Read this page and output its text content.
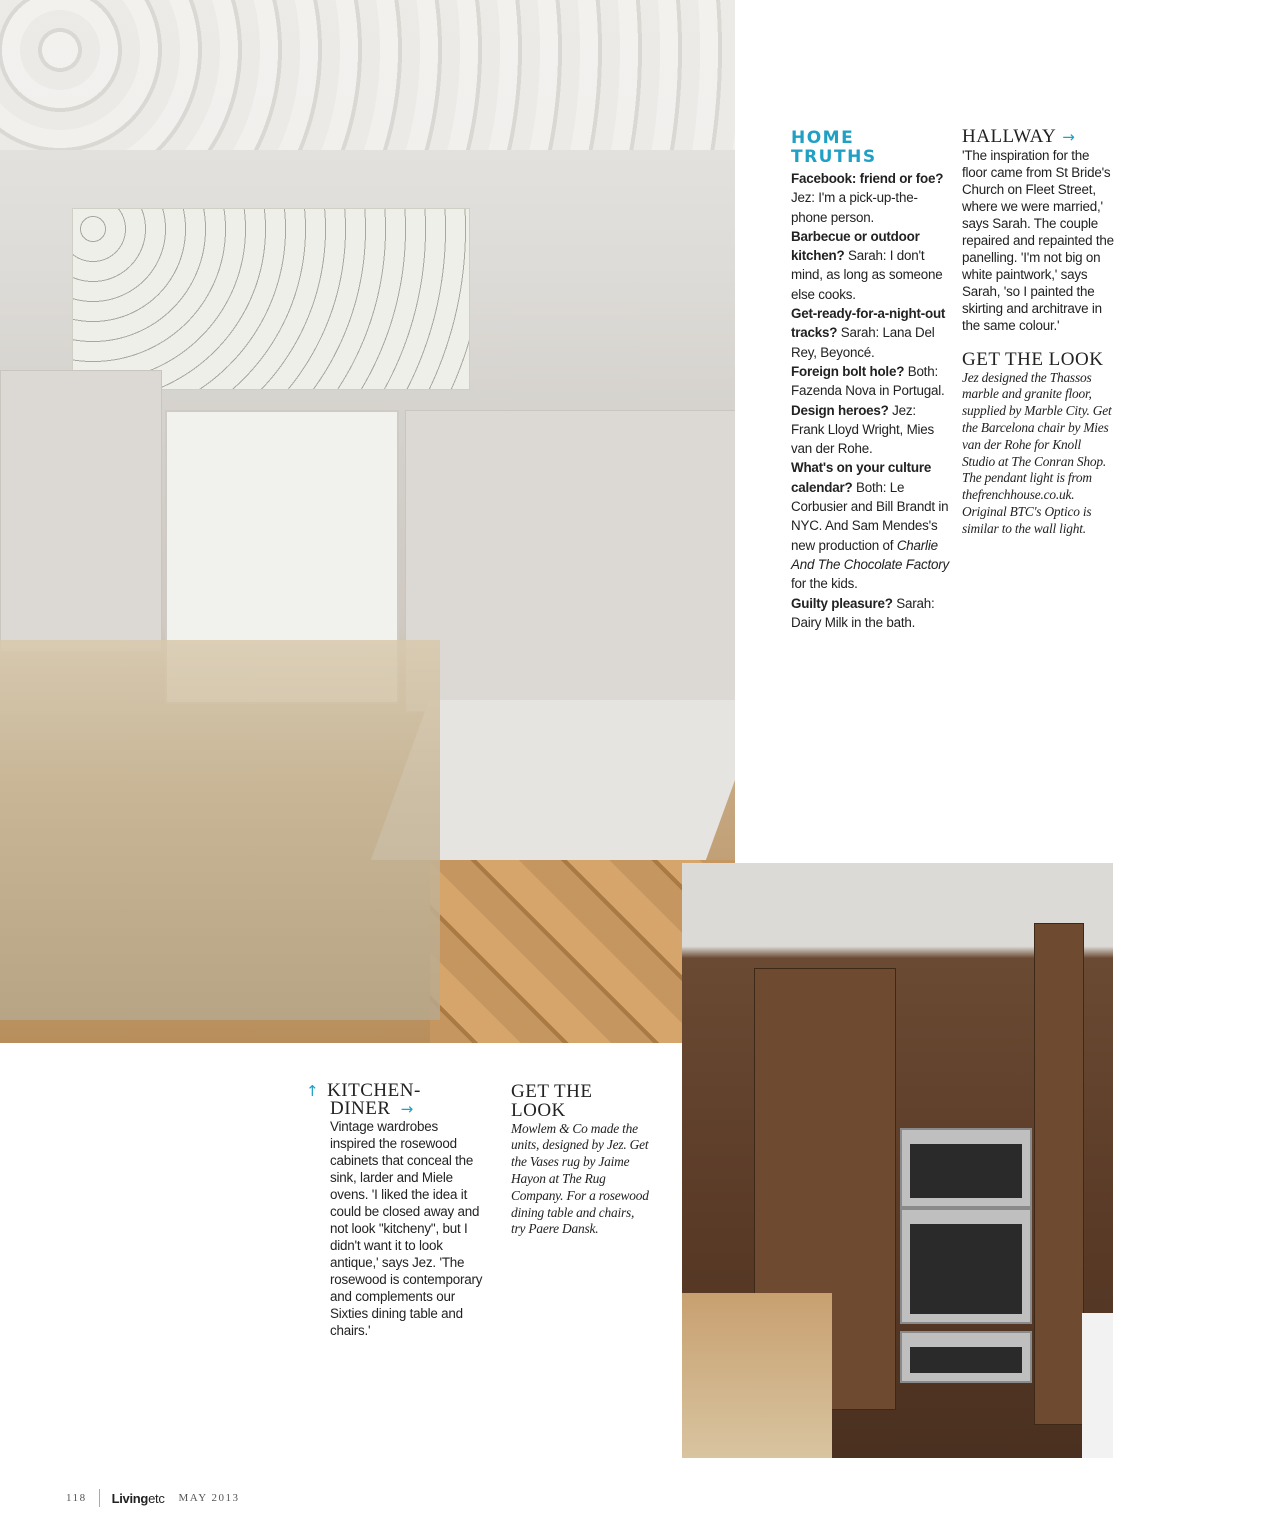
HOME
TRUTHS
Facebook: friend or foe? Jez: I'm a pick-up-the-phone person.
Barbecue or outdoor kitchen? Sarah: I don't mind, as long as someone else cooks.
Get-ready-for-a-night-out tracks? Sarah: Lana Del Rey, Beyoncé.
Foreign bolt hole? Both: Fazenda Nova in Portugal.
Design heroes? Jez: Frank Lloyd Wright, Mies van der Rohe.
What's on your culture calendar? Both: Le Corbusier and Bill Brandt in NYC. And Sam Mendes's new production of Charlie And The Chocolate Factory for the kids.
Guilty pleasure? Sarah: Dairy Milk in the bath.
HALLWAY →
'The inspiration for the floor came from St Bride's Church on Fleet Street, where we were married,' says Sarah. The couple repaired and repainted the panelling. 'I'm not big on white paintwork,' says Sarah, 'so I painted the skirting and architrave in the same colour.'
GET THE LOOK
Jez designed the Thassos marble and granite floor, supplied by Marble City. Get the Barcelona chair by Mies van der Rohe for Knoll Studio at The Conran Shop. The pendant light is from thefrenchhouse.co.uk. Original BTC's Optico is similar to the wall light.
↑ KITCHEN-
DINER →
Vintage wardrobes inspired the rosewood cabinets that conceal the sink, larder and Miele ovens. 'I liked the idea it could be closed away and not look "kitcheny", but I didn't want it to look antique,' says Jez. 'The rosewood is contemporary and complements our Sixties dining table and chairs.'
GET THE LOOK
Mowlem & Co made the units, designed by Jez. Get the Vases rug by Jaime Hayon at The Rug Company. For a rosewood dining table and chairs, try Paere Dansk.
118 Livingetc MAY 2013
